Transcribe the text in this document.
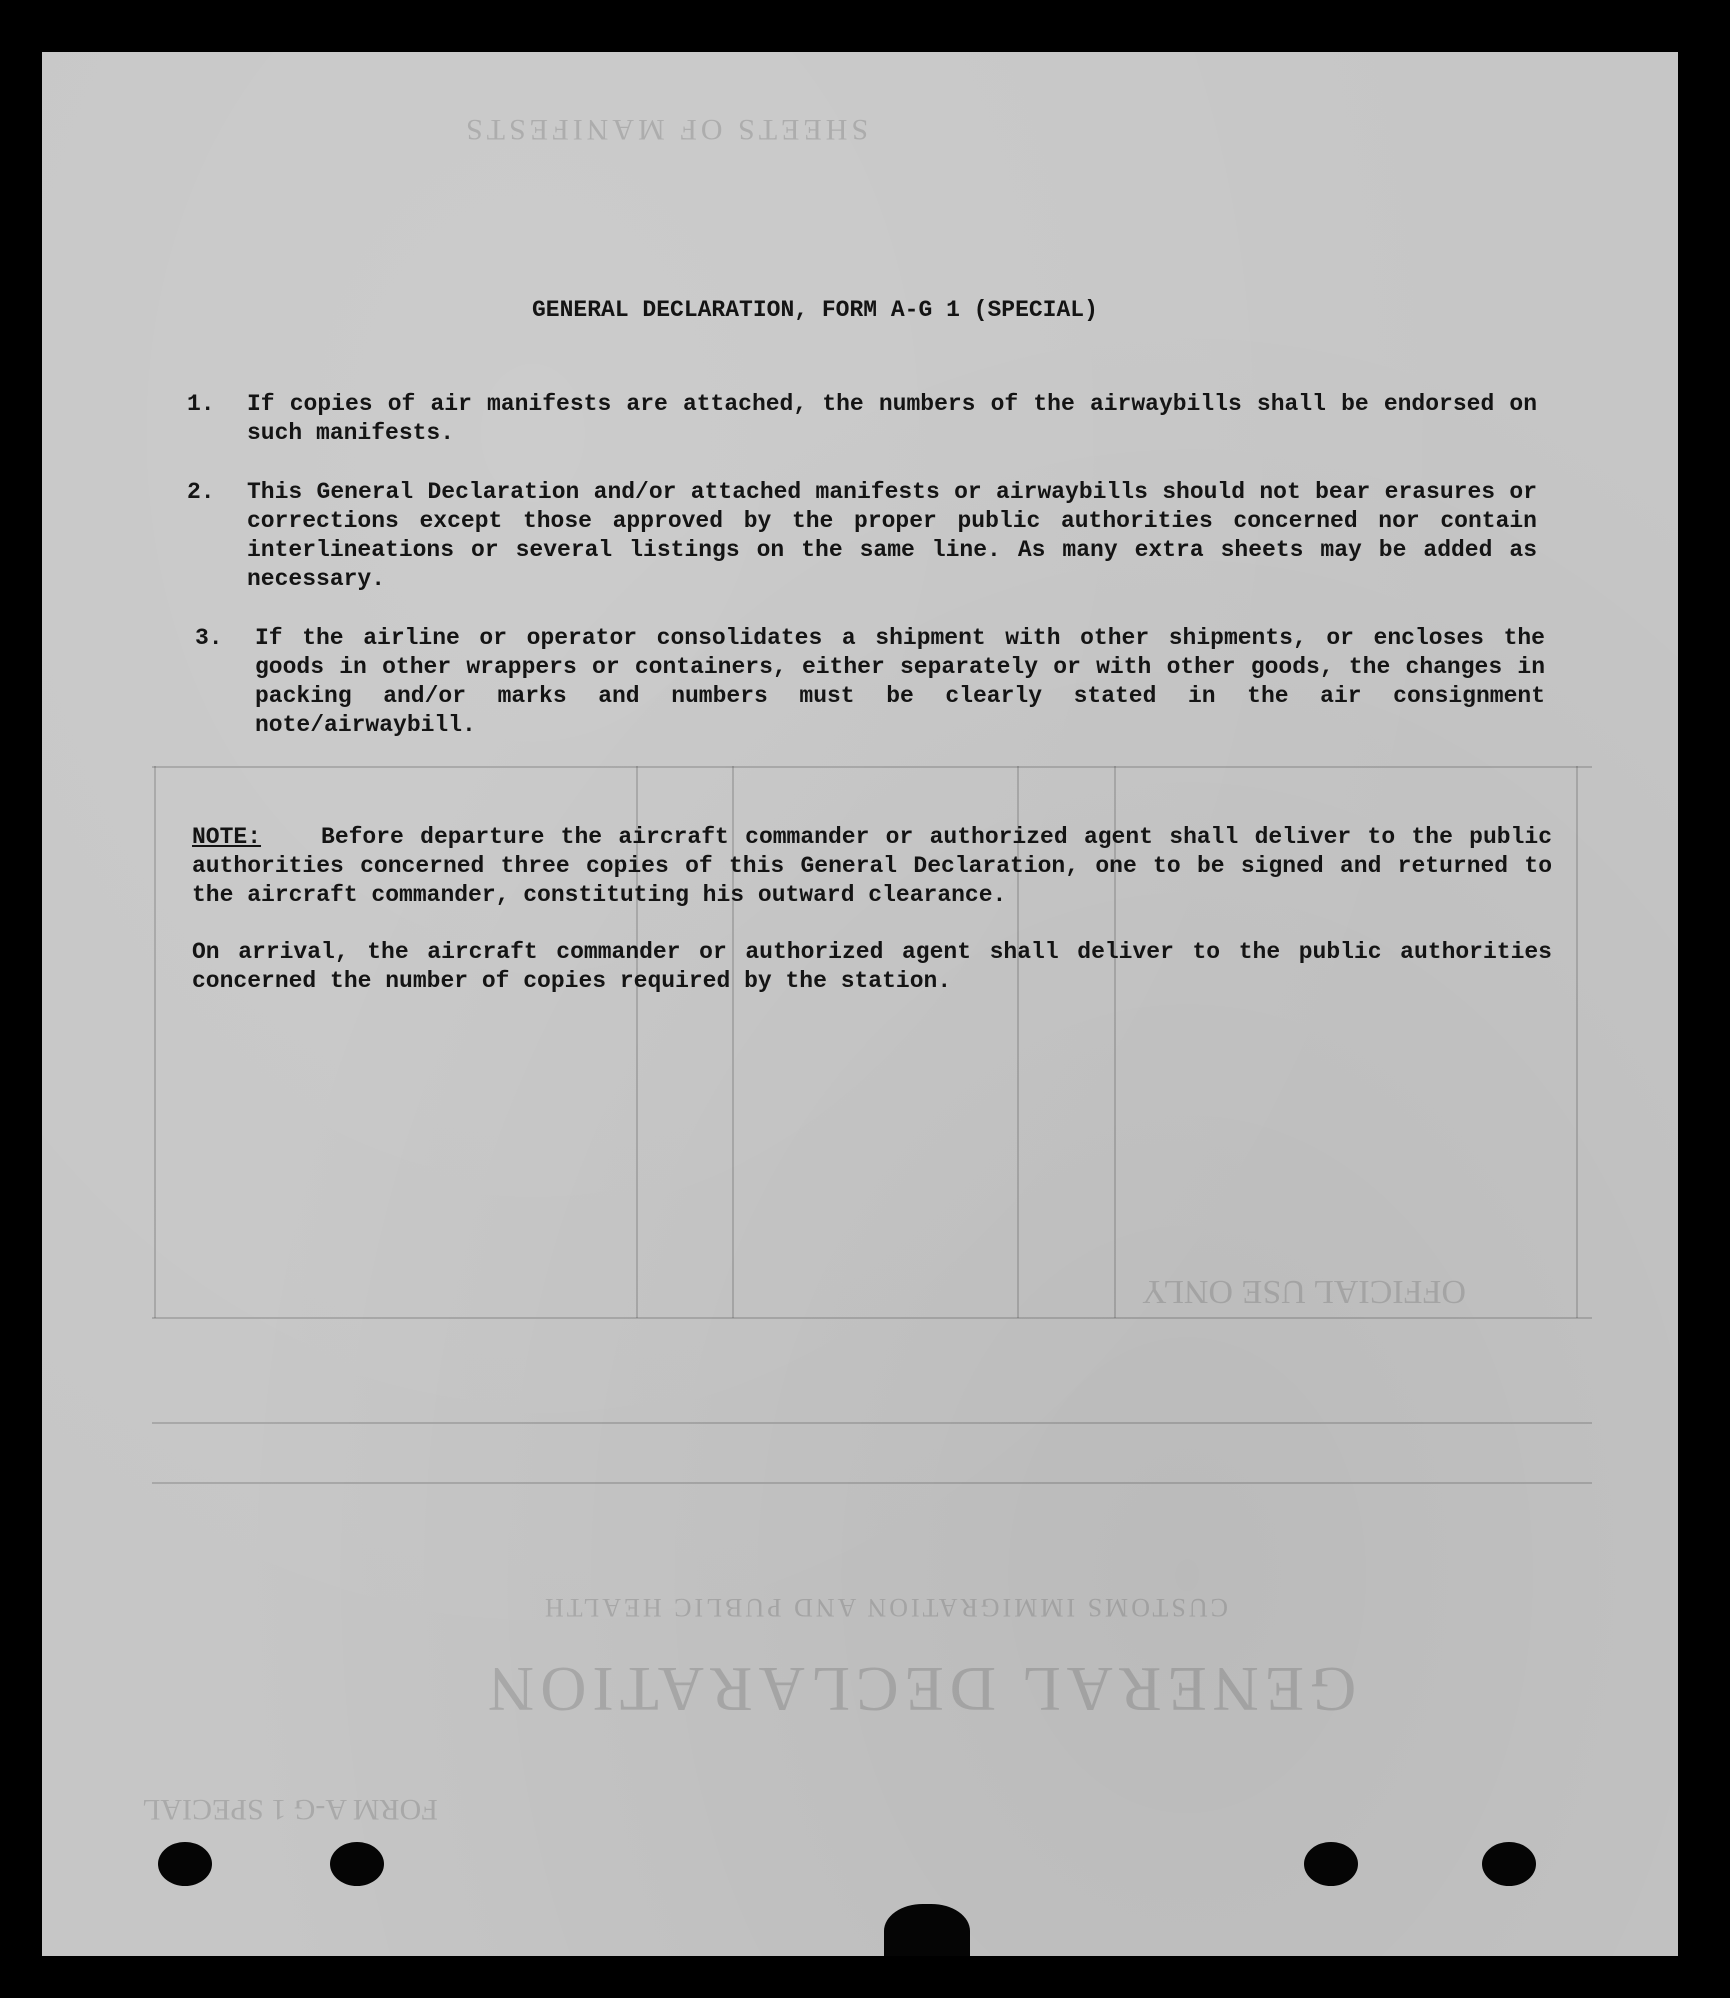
GENERAL DECLARATION
CUSTOMS IMMIGRATION AND PUBLIC HEALTH
FORM A-G 1 SPECIAL
OFFICIAL USE ONLY
SHEETS OF MANIFESTS
GENERAL DECLARATION, FORM A-G 1 (SPECIAL)
1.	If copies of air manifests are attached, the numbers of the airwaybills shall be endorsed on such manifests.
2.	This General Declaration and/or attached manifests or airwaybills should not bear erasures or corrections except those approved by the proper public authorities concerned nor contain interlineations or several listings on the same line. As many extra sheets may be added as necessary.
3.	If the airline or operator consolidates a shipment with other shipments, or encloses the goods in other wrappers or containers, either separately or with other goods, the changes in packing and/or marks and numbers must be clearly stated in the air consignment note/airwaybill.

NOTE:	Before departure the aircraft commander or authorized agent shall deliver to the public authorities concerned three copies of this General Declaration, one to be signed and returned to the aircraft commander, constituting his outward clearance.

On arrival, the aircraft commander or authorized agent shall deliver to the public authorities concerned the number of copies required by the station.
